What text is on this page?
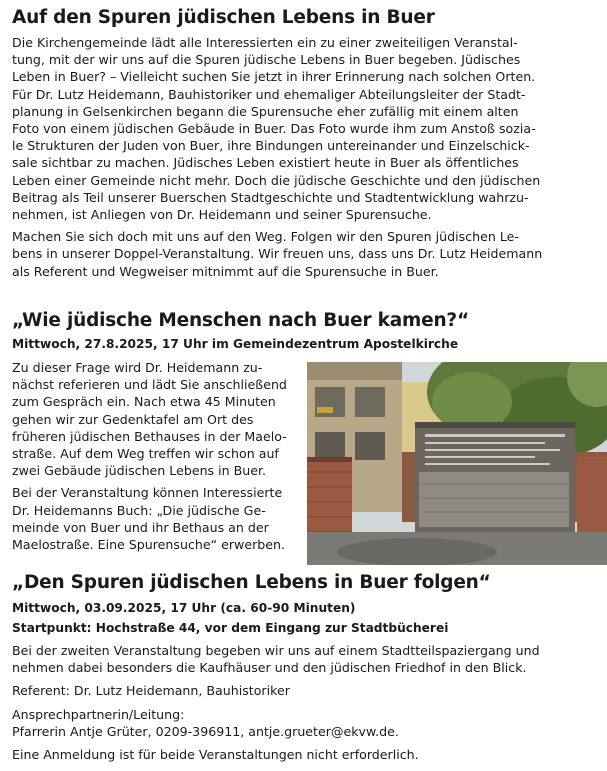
Auf den Spuren jüdischen Lebens in Buer

Die Kirchengemeinde lädt alle Interessierten ein zu einer zweiteiligen Veranstal-
tung, mit der wir uns auf die Spuren jüdische Lebens in Buer begeben. Jüdisches
Leben in Buer? – Vielleicht suchen Sie jetzt in ihrer Erinnerung nach solchen Orten.
Für Dr. Lutz Heidemann, Bauhistoriker und ehemaliger Abteilungsleiter der Stadt-
planung in Gelsenkirchen begann die Spurensuche eher zufällig mit einem alten
Foto von einem jüdischen Gebäude in Buer. Das Foto wurde ihm zum Anstoß soziа-
le Strukturen der Juden von Buer, ihre Bindungen untereinander und Einzelschick-
sale sichtbar zu machen. Jüdisches Leben existiert heute in Buer als öffentliches
Leben einer Gemeinde nicht mehr. Doch die jüdische Geschichte und den jüdischen
Beitrag als Teil unserer Buerschen Stadtgeschichte und Stadtentwicklung wahrzu-
nehmen, ist Anliegen von Dr. Heidemann und seiner Spurensuche.

Machen Sie sich doch mit uns auf den Weg. Folgen wir den Spuren jüdischen Le-
bens in unserer Doppel-Veranstaltung. Wir freuen uns, dass uns Dr. Lutz Heidemann
als Referent und Wegweiser mitnimmt auf die Spurensuche in Buer.

„Wie jüdische Menschen nach Buer kamen?“

Mittwoch, 27.8.2025, 17 Uhr im Gemeindezentrum Apostelkirche

Zu dieser Frage wird Dr. Heidemann zu-
nächst referieren und lädt Sie anschließend
zum Gespräch ein. Nach etwa 45 Minuten
gehen wir zur Gedenktafel am Ort des
früheren jüdischen Bethauses in der Maelo-
straße. Auf dem Weg treffen wir schon auf
zwei Gebäude jüdischen Lebens in Buer.

Bei der Veranstaltung können Interessierte
Dr. Heidemanns Buch: „Die jüdische Ge-
meinde von Buer und ihr Bethaus an der
Maelostraße. Eine Spurensuche“ erwerben.

„Den Spuren jüdischen Lebens in Buer folgen“

Mittwoch, 03.09.2025, 17 Uhr (ca. 60-90 Minuten)

Startpunkt: Hochstraße 44, vor dem Eingang zur Stadtbücherei

Bei der zweiten Veranstaltung begeben wir uns auf einem Stadtteilspaziergang und
nehmen dabei besonders die Kaufhäuser und den jüdischen Friedhof in den Blick.

Referent: Dr. Lutz Heidemann, Bauhistoriker

Ansprechpartnerin/Leitung:

Pfarrerin Antje Grüter, 0209-396911, antje.grueter@ekvw.de.

Eine Anmeldung ist für beide Veranstaltungen nicht erforderlich.
